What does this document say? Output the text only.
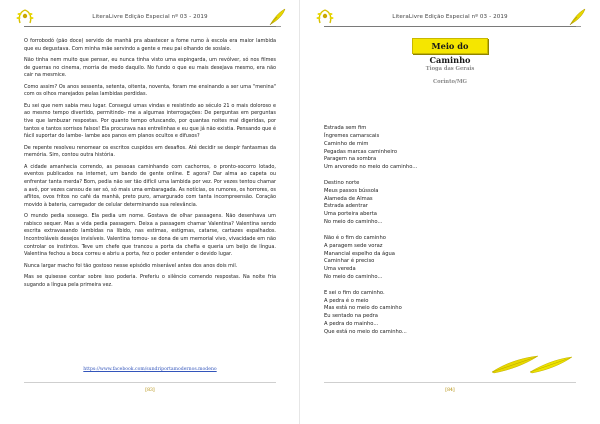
LiteraLivre Edição Especial nº 03 - 2019

O forrobodó (pão doce) servido de manhã pra abastecer a fome rumo à escola era maior lambida que eu degustava. Com minha mãe servindo a gente e meu pai olhando de soslaio.

Não tinha nem muito que pensar, eu nunca tinha visto uma espingarda, um revólver, só nos filmes de guerras no cinema, morria de medo daquilo. No fundo o que eu mais desejava mesmo, era não cair na mesmice.

Como assim? Os anos sessenta, setenta, oitenta, noventa, foram me ensinando a ser uma "menina" com os olhos marejados pelas lambidas perdidas.

Eu sei que nem sabia meu lugar. Consegui umas vindas e resistindo ao século 21 o mais doloroso e ao mesmo tempo divertido, permitindo- me a algumas interrogações: De perguntas em perguntas tive que lambuzar respostas. Por quanto tempo ofuscando, por quantas noites mal digeridas, por tantos e tantos sorrisos falsos! Ela procurava nas entrelinhas e eu que já não existia. Pensando que é fácil suportar do lambe- lambe aos panos em planos ocultos e difusos?

De repente resolveu renomear os escritos cuspidos em desafios. Até decidir se despir fantasmas da memória. Sim, contou outra história.

A cidade amanhecia correndo, as pessoas caminhando com cachorros, o pronto-socorro lotado, eventos publicados na internet, um bando de gente online. E agora? Dar alma ao capeta ou enfrentar tanta merda? Bom, pedia não ser tão difícil uma lambida por vez. Por vezes tentou chamar a avó, por vezes cansou de ser só, só mais uma embaragada. As notícias, os rumores, os horrores, os aflitos, ovos fritos no café da manhã, preto puro, amargurado com tanta incompreensão. Coração movido à bateria, carregador de celular determinando sua relevância.

O mundo pedia sossego. Ela pedia um nome. Gostava de olhar passagens. Não desenhava um rabisco sequer. Mas a vida pedia passagem. Deixa a passagem chamar Valentina? Valentina sendo escrita extravasando lambidas na libido, nas estimas, estigmas, catarse, cartazes espalhados. Incontroláveis desejos invisíveis. Valentina tomou- se dona de um memorial vivo, vivacidade em não controlar os instintos. Teve um chefe que trancou a porta da chefia e queria um beijo de língua. Valentina fechou a boca correu e abriu a porta, fez o poder entender o devido lugar.

Nunca largar macho foi tão gostoso nesse episódio miserável antes dos anos dois mil.

Mas se quisesse contar sobre isso poderia. Preferiu o silêncio comendo respostas. Na noite fria sugando a língua pela primeira vez.

https://www.facebook.com/sundriportamodernos.modeno
[83]
LiteraLivre Edição Especial nº 03 - 2019
Meio do Caminho
Tioga das Gerais
Corinto/MG
Estrada sem fim
Íngremes camarscais
Caminho de mim
Pegadas marcas caminheiro
Paragem na sombra
Um arvoredo no meio do caminho...
Destino norte
Meus passos bússola
Alameda de Almas
Estrada adentrar
Uma porteira aberta
No meio do caminho...
Não é o fim do caminho
A paragem sede voraz
Manancial espelho da água
Caminhar é preciso
Uma vereda
No meio do caminho...
E sei o fim do caminho.
A pedra é o meio
Mas está no meio do caminho
Eu sentado na pedra
A pedra do mainho...
Que está no meio do caminho...
[84]
